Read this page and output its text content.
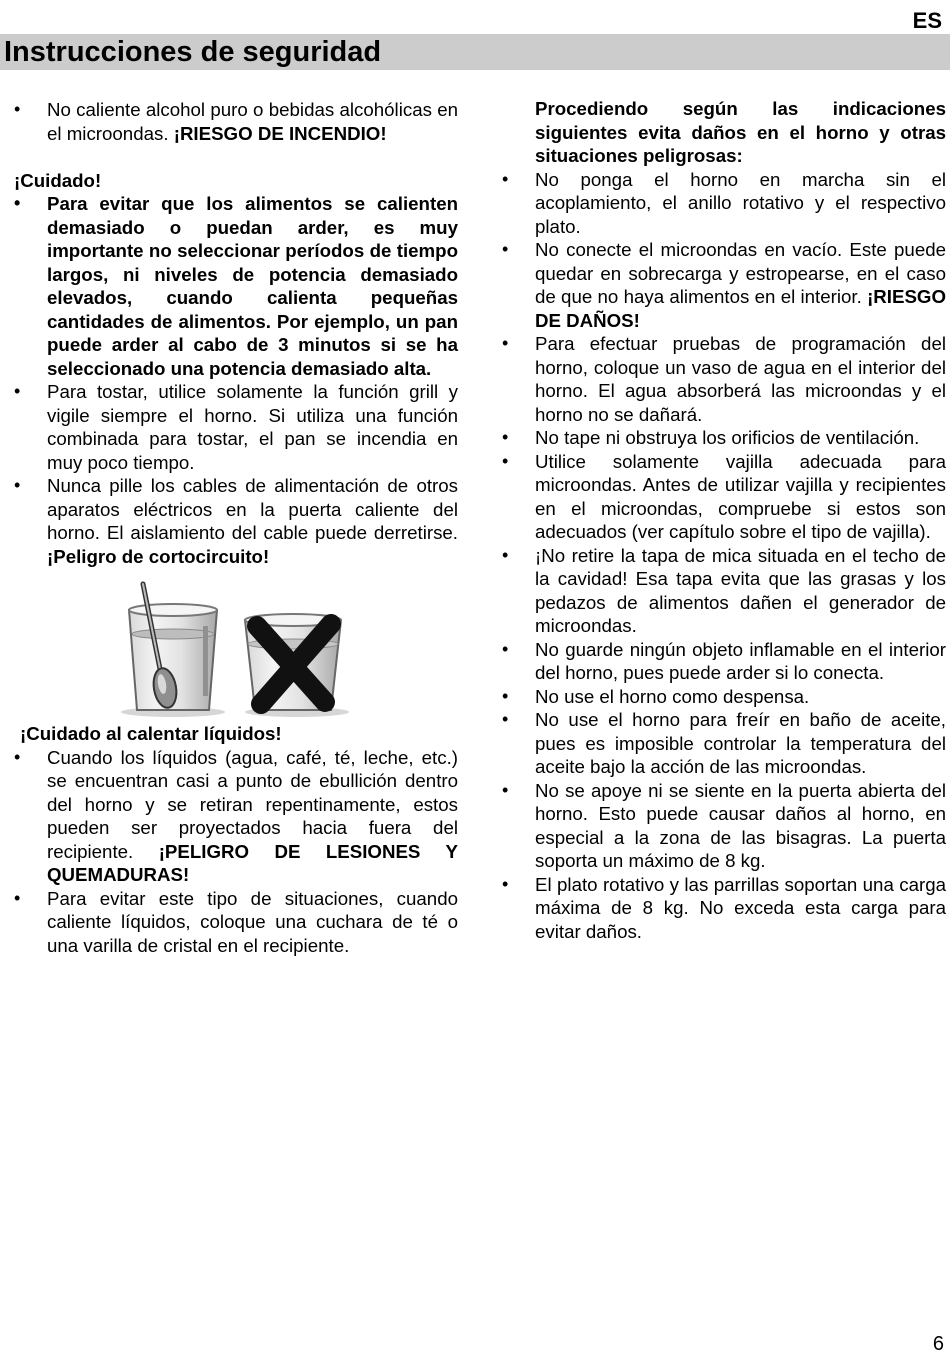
ES
Instrucciones de seguridad
• No caliente alcohol puro o bebidas alcohólicas en el microondas. ¡RIESGO DE INCENDIO!
¡Cuidado!
• Para evitar que los alimentos se calienten demasiado o puedan arder, es muy importante no seleccionar períodos de tiempo largos, ni niveles de potencia demasiado elevados, cuando calienta pequeñas cantidades de alimentos. Por ejemplo, un pan puede arder al cabo de 3 minutos si se ha seleccionado una potencia demasiado alta.
• Para tostar, utilice solamente la función grill y vigile siempre el horno. Si utiliza una función combinada para tostar, el pan se incendia en muy poco tiempo.
• Nunca pille los cables de alimentación de otros aparatos eléctricos en la puerta caliente del horno. El aislamiento del cable puede derretirse. ¡Peligro de cortocircuito!
¡Cuidado al calentar líquidos!
• Cuando los líquidos (agua, café, té, leche, etc.) se encuentran casi a punto de ebullición dentro del horno y se retiran repentinamente, estos pueden ser proyectados hacia fuera del recipiente. ¡PELIGRO DE LESIONES Y QUEMADURAS!
• Para evitar este tipo de situaciones, cuando caliente líquidos, coloque una cuchara de té o una varilla de cristal en el recipiente.
Procediendo según las indicaciones siguientes evita daños en el horno y otras situaciones peligrosas:
• No ponga el horno en marcha sin el acoplamiento, el anillo rotativo y el respectivo plato.
• No conecte el microondas en vacío. Este puede quedar en sobrecarga y estropearse, en el caso de que no haya alimentos en el interior. ¡RIESGO DE DAÑOS!
• Para efectuar pruebas de programación del horno, coloque un vaso de agua en el interior del horno. El agua absorberá las microondas y el horno no se dañará.
• No tape ni obstruya los orificios de ventilación.
• Utilice solamente vajilla adecuada para microondas. Antes de utilizar vajilla y recipientes en el microondas, compruebe si estos son adecuados (ver capítulo sobre el tipo de vajilla).
• ¡No retire la tapa de mica situada en el techo de la cavidad! Esa tapa evita que las grasas y los pedazos de alimentos dañen el generador de microondas.
• No guarde ningún objeto inflamable en el interior del horno, pues puede arder si lo conecta.
• No use el horno como despensa.
• No use el horno para freír en baño de aceite, pues es imposible controlar la temperatura del aceite bajo la acción de las microondas.
• No se apoye ni se siente en la puerta abierta del horno. Esto puede causar daños al horno, en especial a la zona de las bisagras. La puerta soporta un máximo de 8 kg.
• El plato rotativo y las parrillas soportan una carga máxima de 8 kg. No exceda esta carga para evitar daños.
6
